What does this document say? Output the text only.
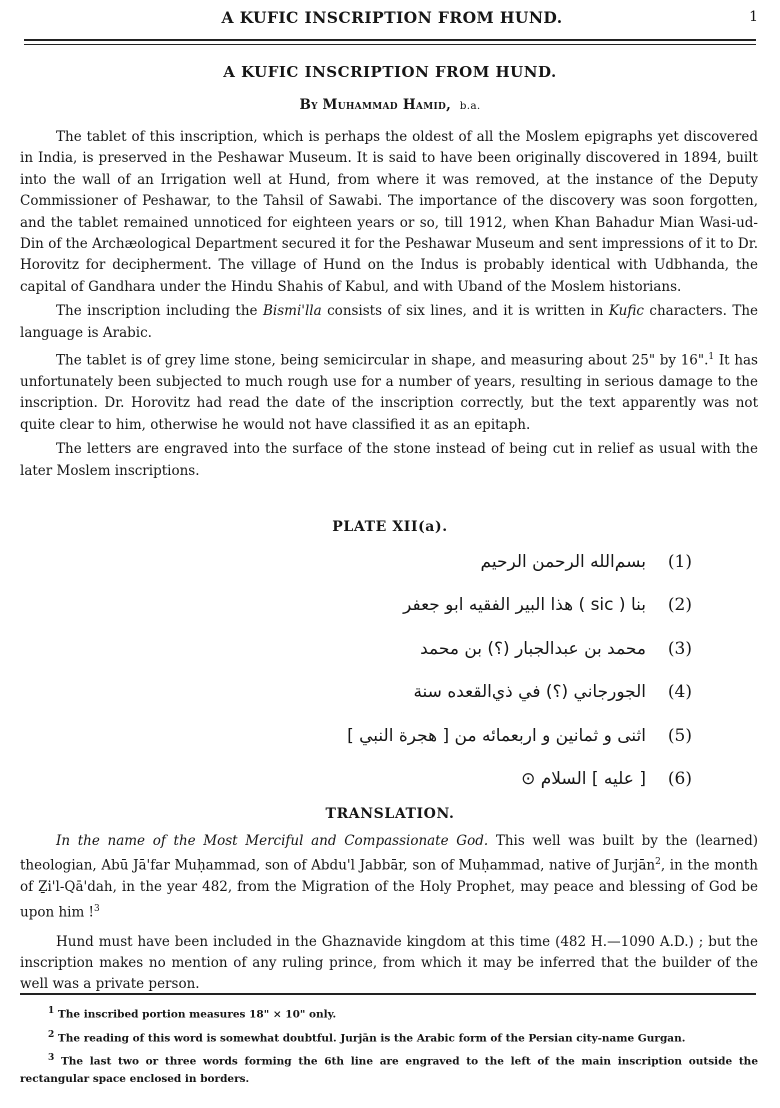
A KUFIC INSCRIPTION FROM HUND.	1
A KUFIC INSCRIPTION FROM HUND.
By Muhammad Hamid, b.a.

The tablet of this inscription, which is perhaps the oldest of all the Moslem epigraphs yet discovered in India, is preserved in the Peshawar Museum. It is said to have been originally discovered in 1894, built into the wall of an Irrigation well at Hund, from where it was removed, at the instance of the Deputy Commissioner of Peshawar, to the Tahsil of Sawabi. The importance of the discovery was soon forgotten, and the tablet remained unnoticed for eighteen years or so, till 1912, when Khan Bahadur Mian Wasi-ud-Din of the Archæological Department secured it for the Peshawar Museum and sent impressions of it to Dr. Horovitz for decipherment. The village of Hund on the Indus is probably identical with Udbhanda, the capital of Gandhara under the Hindu Shahis of Kabul, and with Uband of the Moslem historians.

The inscription including the Bismi'lla consists of six lines, and it is written in Kufic characters. The language is Arabic.

The tablet is of grey lime stone, being semicircular in shape, and measuring about 25" by 16".$^1$ It has unfortunately been subjected to much rough use for a number of years, resulting in serious damage to the inscription. Dr. Horovitz had read the date of the inscription correctly, but the text apparently was not quite clear to him, otherwise he would not have classified it as an epitaph.

The letters are engraved into the surface of the stone instead of being cut in relief as usual with the later Moslem inscriptions.

PLATE XII(a).
بسم‌الله الرحمن الرحيم	(1)
بنا ( sic ) هذا البير الفقيه ابو جعفر	(2)
محمد بن عبدالجبار (؟) بن محمد	(3)
الجورجاني (؟) في ذي‌القعده سنة	(4)
اثنى و ثمانين و اربعمائه من [ هجرة النبي ]	(5)
[ عليه ] السلام ⊙	(6)
TRANSLATION.

In the name of the Most Merciful and Compassionate God. This well was built by the (learned) theologian, Abū Jā'far Muḥammad, son of Abdu'l Jabbār, son of Muḥammad, native of Jurjān$^2$, in the month of Ẕi'l-Qā'dah, in the year 482, from the Migration of the Holy Prophet, may peace and blessing of God be upon him !$^3$

Hund must have been included in the Ghaznavide kingdom at this time (482 H.—1090 A.D.) ; but the inscription makes no mention of any ruling prince, from which it may be inferred that the builder of the well was a private person.

$^1$ The inscribed portion measures 18" × 10" only.

$^2$ The reading of this word is somewhat doubtful. Jurjān is the Arabic form of the Persian city-name Gurgan.

$^3$ The last two or three words forming the 6th line are engraved to the left of the main inscription outside the rectangular space enclosed in borders.
